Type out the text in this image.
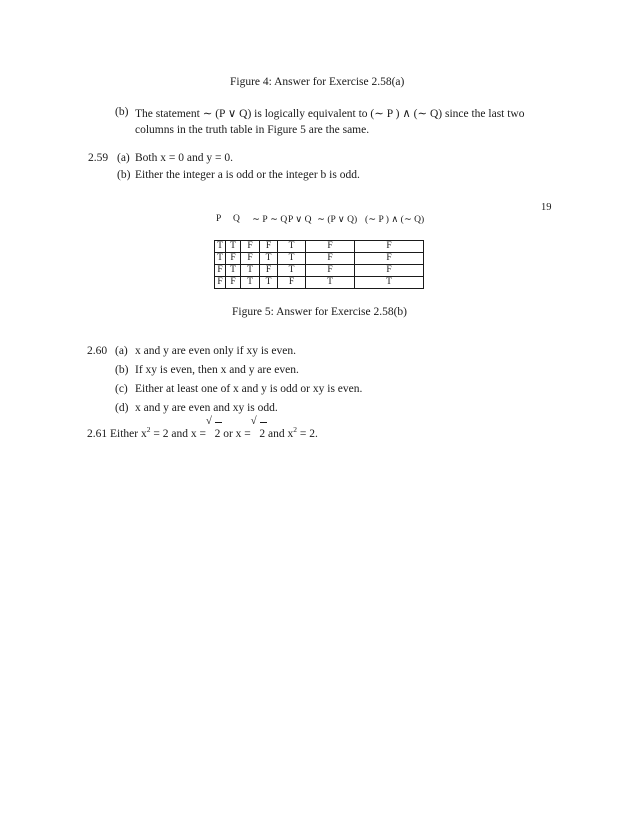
Figure 4: Answer for Exercise 2.58(a)
(b) The statement ∼ (P ∨ Q) is logically equivalent to (∼ P ) ∧ (∼ Q) since the last two
columns in the truth table in Figure 5 are the same.
2.59 (a) Both x = 0 and y = 0.
(b) Either the integer a is odd or the integer b is odd.
19
P Q ∼ P ∼ Q P ∨ Q ∼ (P ∨ Q) (∼ P ) ∧ (∼ Q)
T	T	F	F	T	F	F
T	F	F	T	T	F	F
F	T	T	F	T	F	F
F	F	T	T	F	T	T
Figure 5: Answer for Exercise 2.58(b)
2.60 (a) x and y are even only if xy is even.
(b) If xy is even, then x and y are even.
(c) Either at least one of x and y is odd or xy is even.
(d) x and y are even and xy is odd.
2.61 Either $x^2 = 2$ and x =
√
2 or x =
√
2 and $x^2 = 2$.
